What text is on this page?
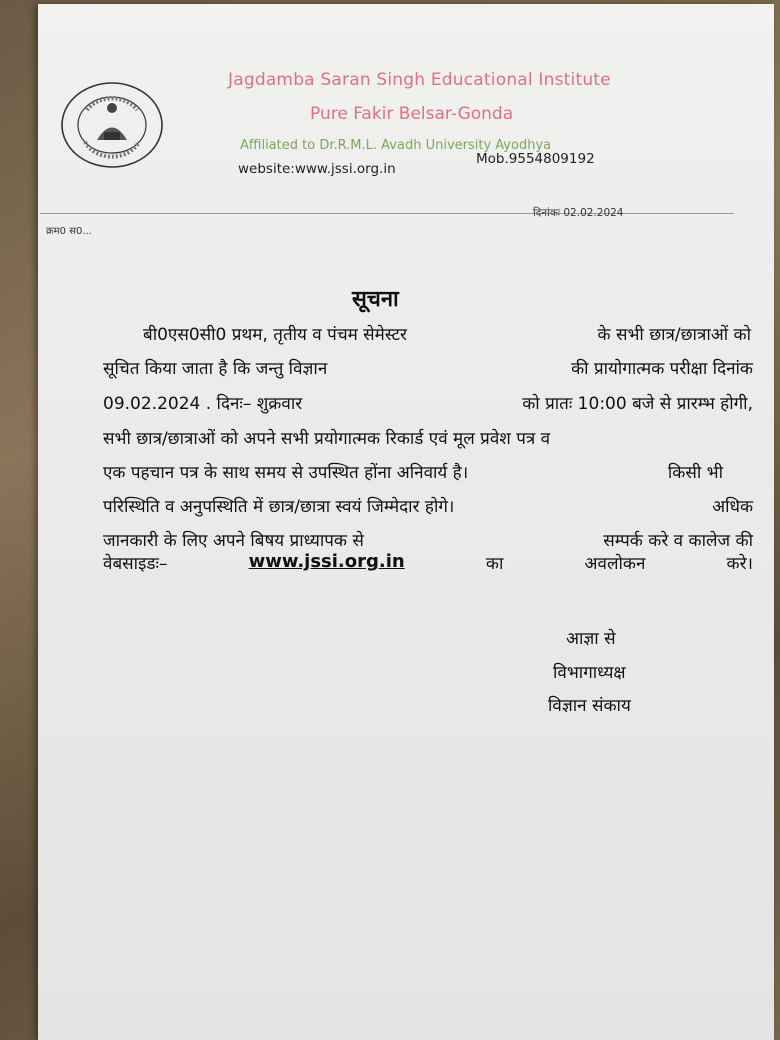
Jagdamba Saran Singh Educational Institute
Pure Fakir Belsar-Gonda
Affiliated to Dr.R.M.L. Avadh University Ayodhya
website:www.jssi.org.in
Mob.9554809192
क्रम0 स0...
दिनांकः 02.02.2024
सूचना
बी0एस0सी0 प्रथम, तृतीय व पंचम सेमेस्टर	के सभी छात्र/छात्राओं को
सूचित किया जाता है कि जन्तु विज्ञान	की प्रायोगात्मक परीक्षा दिनांक
09.02.2024 . दिनः– शुक्रवार	को प्रातः 10:00 बजे से प्रारम्भ होगी,
सभी छात्र/छात्राओं को अपने सभी प्रयोगात्मक रिकार्ड एवं मूल प्रवेश पत्र व
एक पहचान पत्र के साथ समय से उपस्थित होंना अनिवार्य है।	किसी भी
परिस्थिति व अनुपस्थिति में छात्र/छात्रा स्वयं जिम्मेदार होगे।	अधिक
जानकारी के लिए अपने बिषय प्राध्यापक से	सम्पर्क करे व कालेज की
वेबसाइडः–	www.jssi.org.in	का	अवलोकन	करे।
आज्ञा से
विभागाध्यक्ष
विज्ञान संकाय
